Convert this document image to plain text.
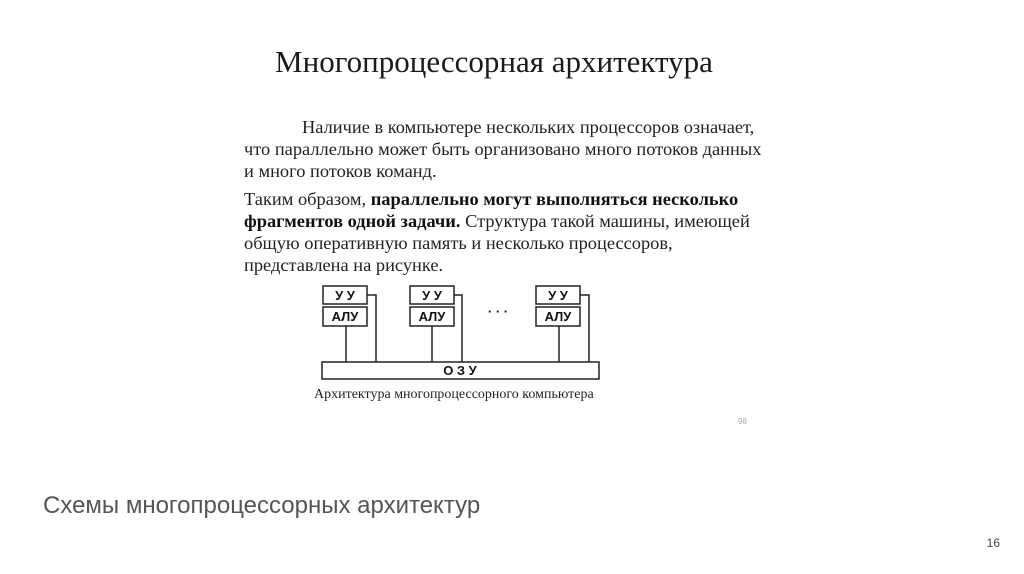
Многопроцессорная архитектура
Наличие в компьютере нескольких процессоров означает, что параллельно может быть организовано много потоков данных и много потоков команд.
Таким образом, параллельно могут выполняться несколько фрагментов одной задачи. Структура такой машины, имеющей общую оперативную память и несколько процессоров, представлена на рисунке.
У У
АЛУ
У У
АЛУ	· · ·
У У
АЛУ
О З У
Архитектура многопроцессорного компьютера
98
Схемы многопроцессорных архитектур
16
